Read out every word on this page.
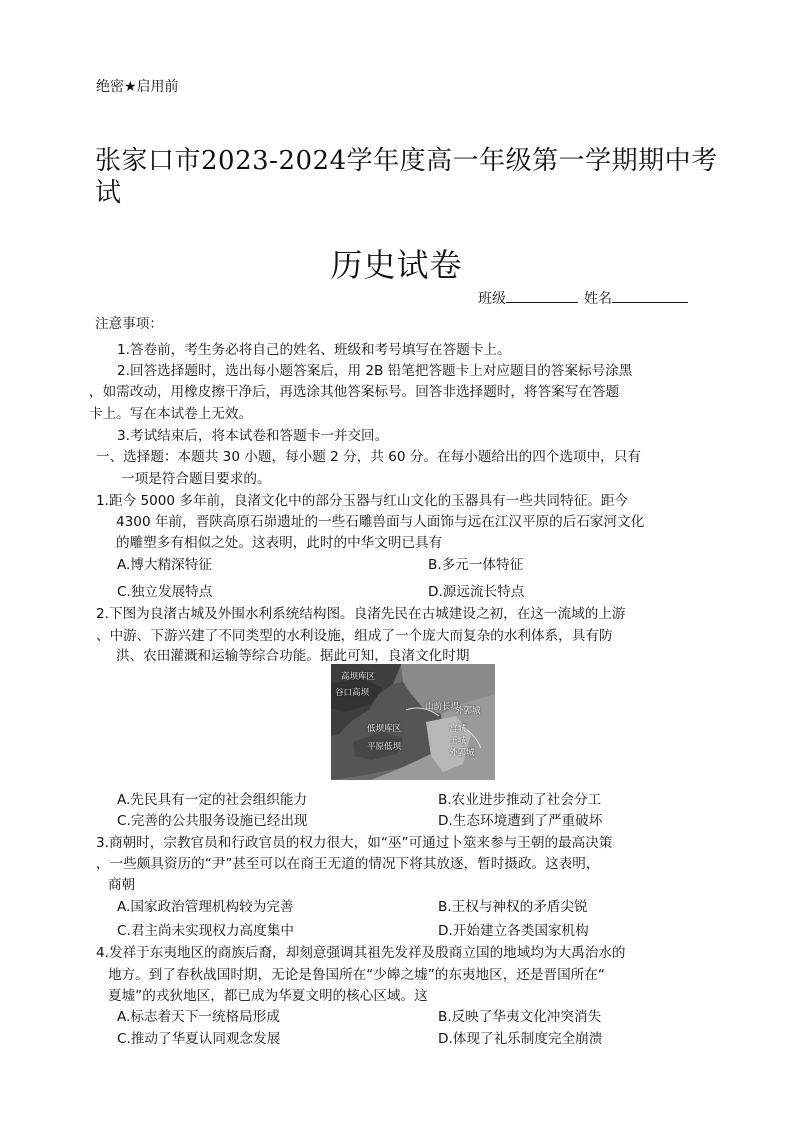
绝密★启用前
张家口市2023-2024学年度高一年级第一学期期中考
试
历史试卷
班级	姓名
注意事项：
1.答卷前，考生务必将自己的姓名、班级和考号填写在答题卡上。
2.回答选择题时，选出每小题答案后，用 2B 铅笔把答题卡上对应题目的答案标号涂黑
，如需改动，用橡皮擦干净后，再选涂其他答案标号。回答非选择题时，将答案写在答题
卡上。写在本试卷上无效。
3.考试结束后，将本试卷和答题卡一并交回。
一、选择题：本题共 30 小题，每小题 2 分，共 60 分。在每小题给出的四个选项中，只有
一项是符合题目要求的。
1.距今 5000 多年前，良渚文化中的部分玉器与红山文化的玉器具有一些共同特征。距今
4300 年前，晋陕高原石峁遗址的一些石雕兽面与人面饰与远在江汉平原的后石家河文化
的雕塑多有相似之处。这表明，此时的中华文明已具有
A.博大精深特征	B.多元一体特征
C.独立发展特点	D.源远流长特点
2.下图为良渚古城及外围水利系统结构图。良渚先民在古城建设之初，在这一流域的上游
、中游、下游兴建了不同类型的水利设施，组成了一个庞大而复杂的水利体系，具有防
洪、农田灌溉和运输等综合功能。据此可知，良渚文化时期
高坝库区
谷口高坝
山前长堤
外郭城
低坝库区	宫城
王城
平原低坝
外郭城
A.先民具有一定的社会组织能力	B.农业进步推动了社会分工
C.完善的公共服务设施已经出现	D.生态环境遭到了严重破坏
3.商朝时，宗教官员和行政官员的权力很大，如“巫”可通过卜筮来参与王朝的最高决策
，一些颇具资历的“尹”甚至可以在商王无道的情况下将其放逐，暂时摄政。这表明，
商朝
A.国家政治管理机构较为完善	B.王权与神权的矛盾尖锐
C.君主尚未实现权力高度集中	D.开始建立各类国家机构
4.发祥于东夷地区的商族后裔，却刻意强调其祖先发祥及殷商立国的地域均为大禹治水的
地方。到了春秋战国时期，无论是鲁国所在“少皞之墟”的东夷地区，还是晋国所在“
夏墟”的戎狄地区，都已成为华夏文明的核心区域。这
A.标志着天下一统格局形成	B.反映了华夷文化冲突消失
C.推动了华夏认同观念发展	D.体现了礼乐制度完全崩溃
